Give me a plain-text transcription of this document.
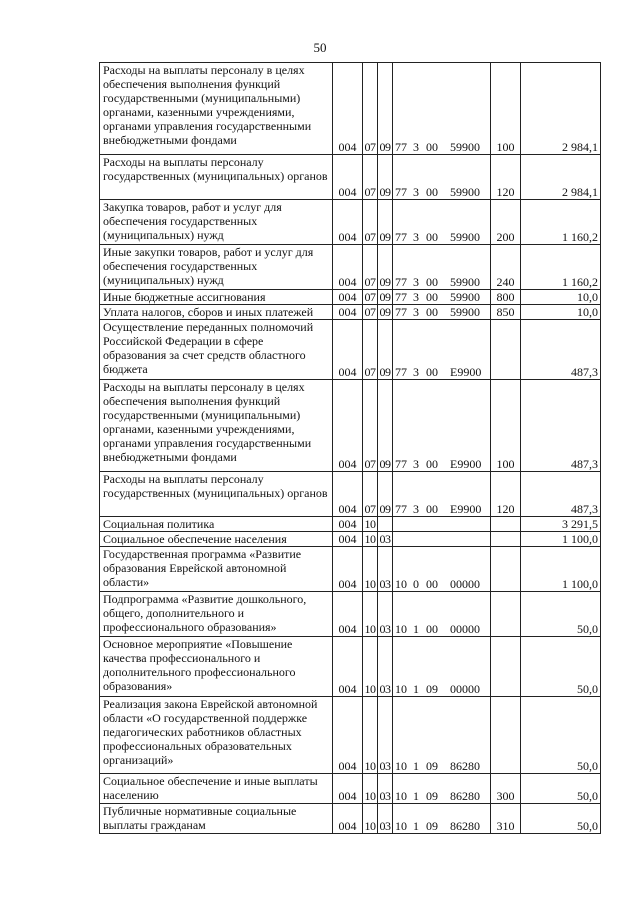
50
Расходы на выплаты персоналу в целях обеспечения выполнения функций государственными (муниципальными) органами, казенными учреждениями, органами управления государственными внебюджетными фондами	004	07	09	77 3 00 59900	100	2 984,1
Расходы на выплаты персоналу государственных (муниципальных) органов	004	07	09	77 3 00 59900	120	2 984,1
Закупка товаров, работ и услуг для обеспечения государственных (муниципальных) нужд	004	07	09	77 3 00 59900	200	1 160,2
Иные закупки товаров, работ и услуг для обеспечения государственных (муниципальных) нужд	004	07	09	77 3 00 59900	240	1 160,2
Иные бюджетные ассигнования	004	07	09	77 3 00 59900	800	10,0
Уплата налогов, сборов и иных платежей	004	07	09	77 3 00 59900	850	10,0
Осуществление переданных полномочий Российской Федерации в сфере образования за счет средств областного бюджета	004	07	09	77 3 00 E9900		487,3
Расходы на выплаты персоналу в целях обеспечения выполнения функций государственными (муниципальными) органами, казенными учреждениями, органами управления государственными внебюджетными фондами	004	07	09	77 3 00 E9900	100	487,3
Расходы на выплаты персоналу государственных (муниципальных) органов	004	07	09	77 3 00 E9900	120	487,3
Социальная политика	004	10				3 291,5
Социальное обеспечение населения	004	10	03			1 100,0
Государственная программа «Развитие образования Еврейской автономной области»	004	10	03	10 0 00 00000		1 100,0
Подпрограмма «Развитие дошкольного, общего, дополнительного и профессионального образования»	004	10	03	10 1 00 00000		50,0
Основное мероприятие «Повышение качества профессионального и дополнительного профессионального образования»	004	10	03	10 1 09 00000		50,0
Реализация закона Еврейской автономной области «О государственной поддержке педагогических работников областных профессиональных образовательных организаций»	004	10	03	10 1 09 86280		50,0
Социальное обеспечение и иные выплаты населению	004	10	03	10 1 09 86280	300	50,0
Публичные нормативные социальные выплаты гражданам	004	10	03	10 1 09 86280	310	50,0
